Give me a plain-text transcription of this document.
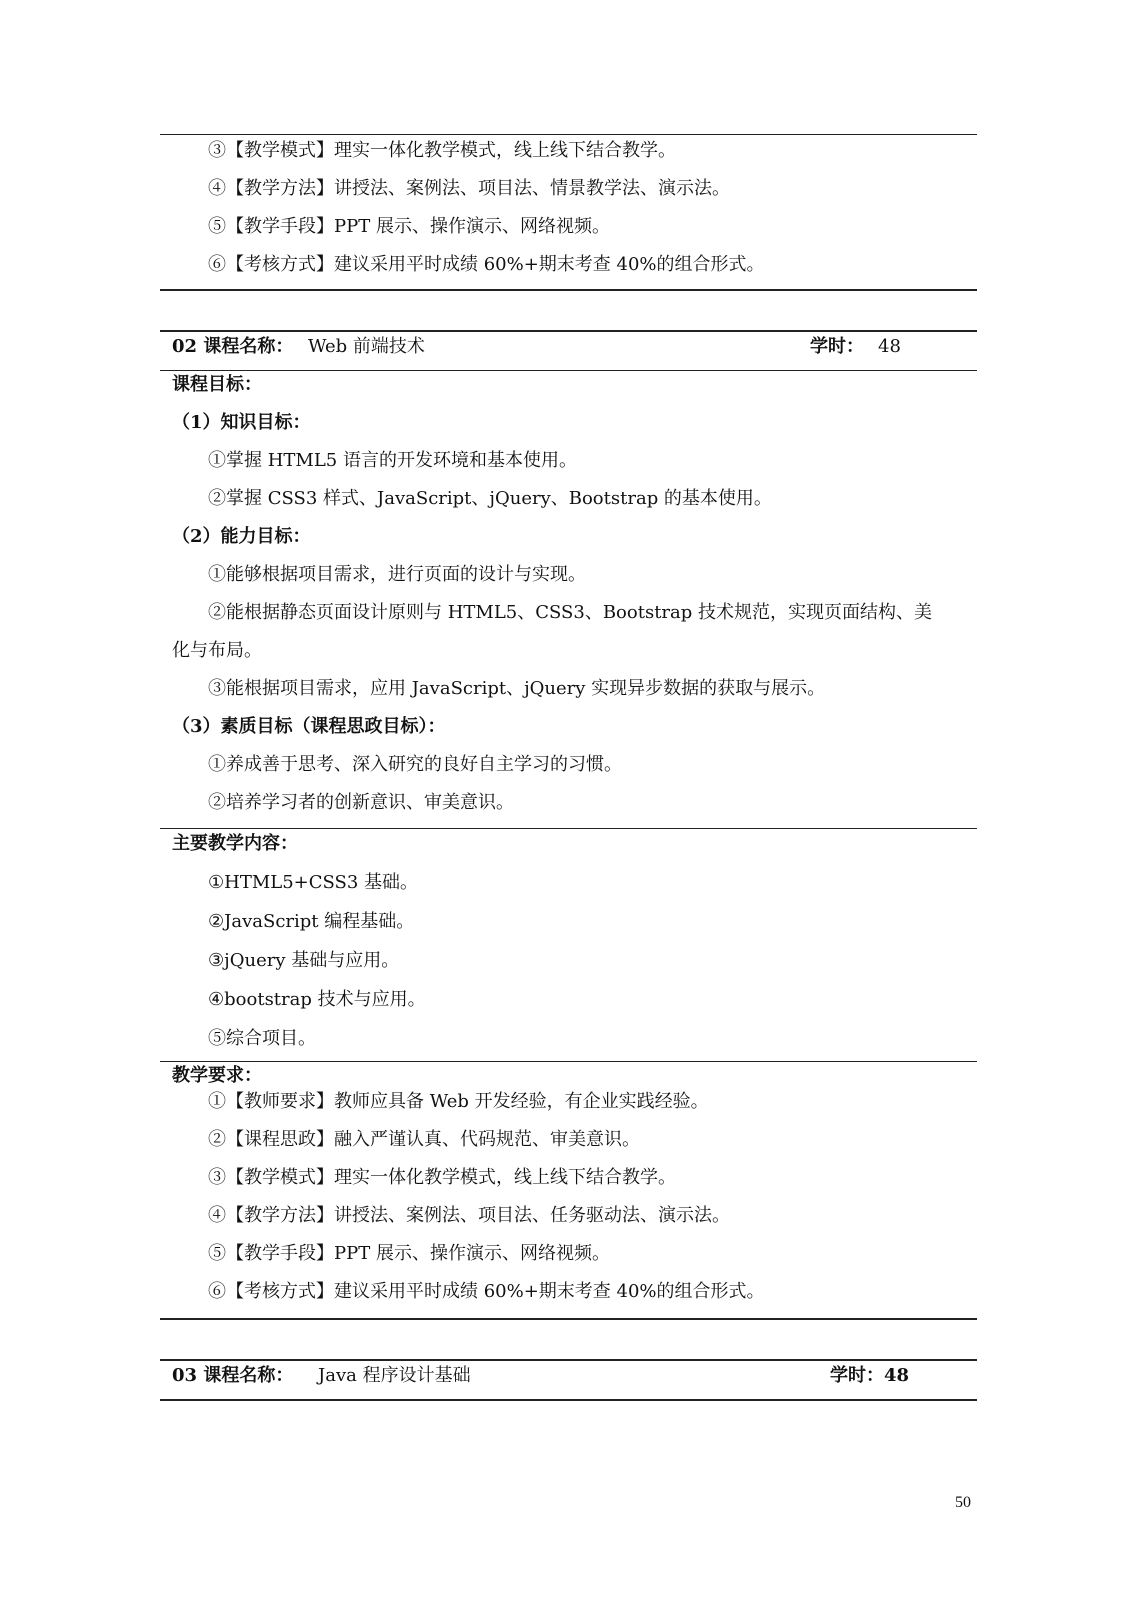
③【教学模式】理实一体化教学模式，线上线下结合教学。
④【教学方法】讲授法、案例法、项目法、情景教学法、演示法。
⑤【教学手段】PPT 展示、操作演示、网络视频。
⑥【考核方式】建议采用平时成绩 60%+期末考查 40%的组合形式。
02 课程名称： Web 前端技术	学时： 48
课程目标：
（1）知识目标：
①掌握 HTML5 语言的开发环境和基本使用。
②掌握 CSS3 样式、JavaScript、jQuery、Bootstrap 的基本使用。
（2）能力目标：
①能够根据项目需求，进行页面的设计与实现。
②能根据静态页面设计原则与 HTML5、CSS3、Bootstrap 技术规范，实现页面结构、美
化与布局。
③能根据项目需求，应用 JavaScript、jQuery 实现异步数据的获取与展示。
（3）素质目标（课程思政目标）：
①养成善于思考、深入研究的良好自主学习的习惯。
②培养学习者的创新意识、审美意识。
主要教学内容：
①HTML5+CSS3 基础。
②JavaScript 编程基础。
③jQuery 基础与应用。
④bootstrap 技术与应用。
⑤综合项目。
教学要求：
①【教师要求】教师应具备 Web 开发经验，有企业实践经验。
②【课程思政】融入严谨认真、代码规范、审美意识。
③【教学模式】理实一体化教学模式，线上线下结合教学。
④【教学方法】讲授法、案例法、项目法、任务驱动法、演示法。
⑤【教学手段】PPT 展示、操作演示、网络视频。
⑥【考核方式】建议采用平时成绩 60%+期末考查 40%的组合形式。
03 课程名称： Java 程序设计基础	学时：48
50
